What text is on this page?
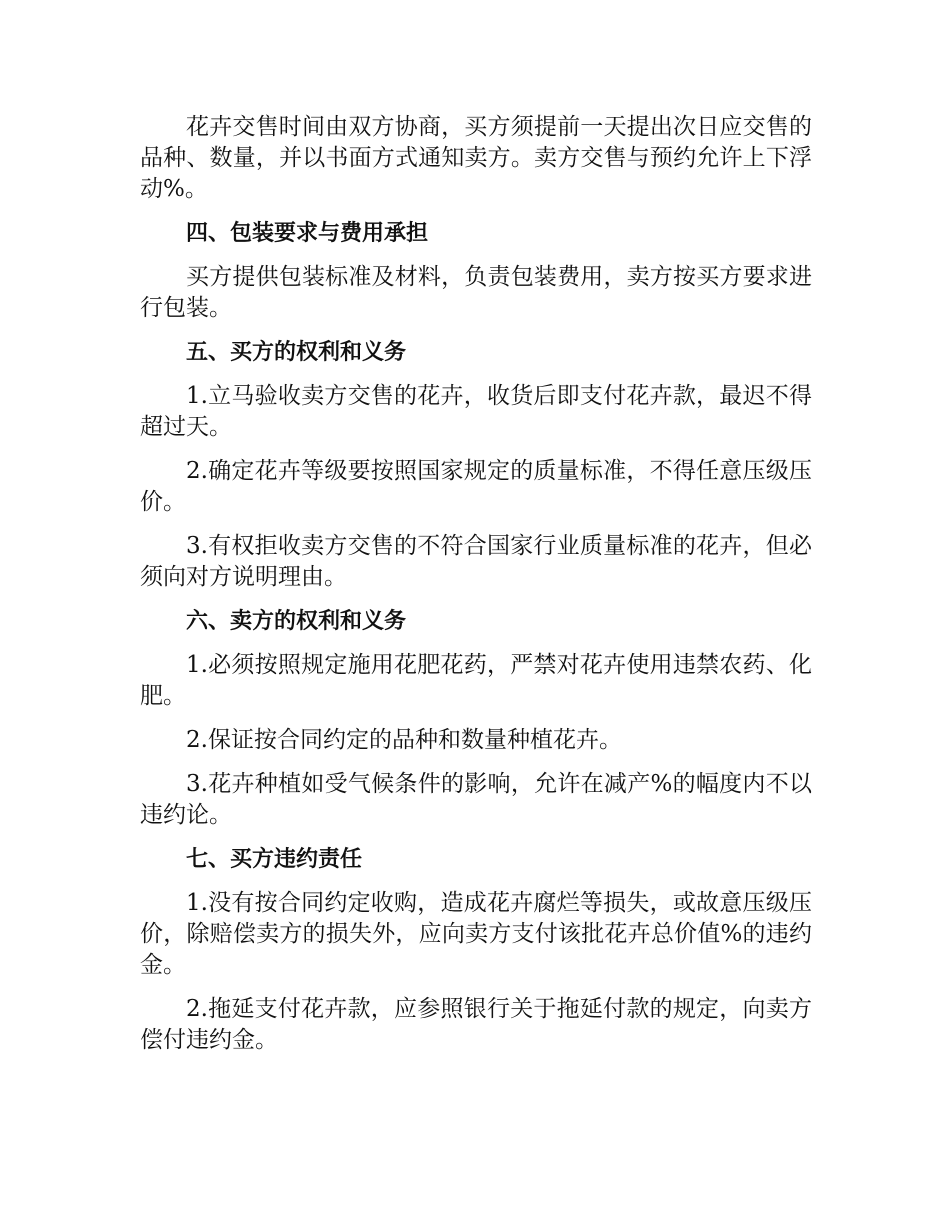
花卉交售时间由双方协商，买方须提前一天提出次日应交售的品种、数量，并以书面方式通知卖方。卖方交售与预约允许上下浮动%。

四、包装要求与费用承担

买方提供包装标准及材料，负责包装费用，卖方按买方要求进行包装。

五、买方的权利和义务

1.立马验收卖方交售的花卉，收货后即支付花卉款，最迟不得超过天。

2.确定花卉等级要按照国家规定的质量标准，不得任意压级压价。

3.有权拒收卖方交售的不符合国家行业质量标准的花卉，但必须向对方说明理由。

六、卖方的权利和义务

1.必须按照规定施用花肥花药，严禁对花卉使用违禁农药、化肥。

2.保证按合同约定的品种和数量种植花卉。

3.花卉种植如受气候条件的影响，允许在减产%的幅度内不以违约论。

七、买方违约责任

1.没有按合同约定收购，造成花卉腐烂等损失，或故意压级压价，除赔偿卖方的损失外，应向卖方支付该批花卉总价值%的违约金。

2.拖延支付花卉款，应参照银行关于拖延付款的规定，向卖方偿付违约金。
